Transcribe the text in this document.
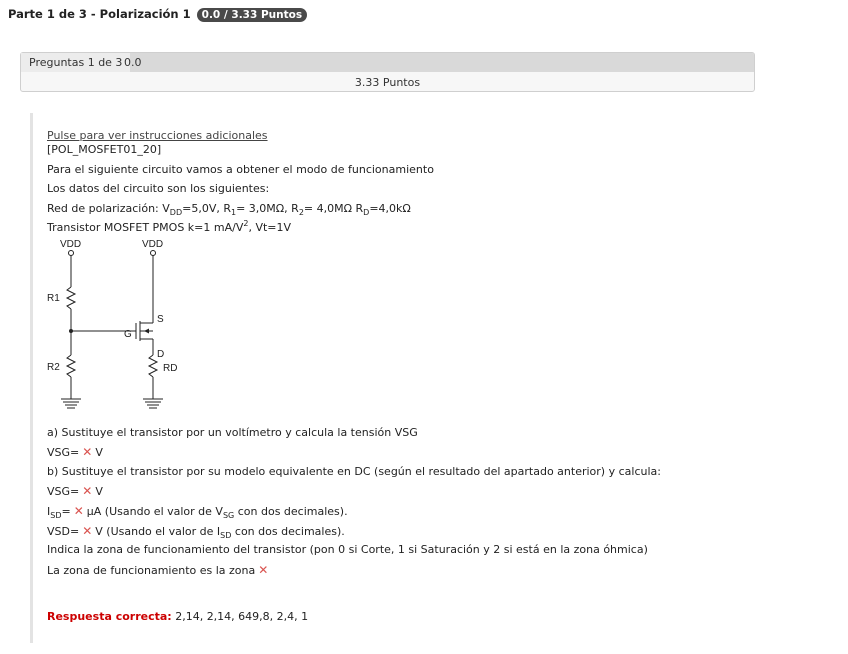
Parte 1 de 3 - Polarización 1 0.0 / 3.33 Puntos
Preguntas 1 de 3 0.0
3.33 Puntos
Pulse para ver instrucciones adicionales
[POL_MOSFET01_20]
Para el siguiente circuito vamos a obtener el modo de funcionamiento
Los datos del circuito son los siguientes:
Red de polarización: $V_{DD}=5,0V$, $R_1= 3,0M\Omega$, $R_2= 4,0M\Omega$ $R_D=4,0k\Omega$
Transistor MOSFET PMOS k=1 $mA/V^2$, Vt=1V
VDD	VDD
R1
R2	RD
G
S
D
a) Sustituye el transistor por un voltímetro y calcula la tensión VSG
VSG= ✕ V
b) Sustituye el transistor por su modelo equivalente en DC (según el resultado del apartado anterior) y calcula:
VSG= ✕ V
$I_{SD}=$ ✕ μA (Usando el valor de $V_{SG}$ con dos decimales).
VSD= ✕ V (Usando el valor de $I_{SD}$ con dos decimales).
Indica la zona de funcionamiento del transistor (pon 0 si Corte, 1 si Saturación y 2 si está en la zona óhmica)
La zona de funcionamiento es la zona ✕
Respuesta correcta: 2,14, 2,14, 649,8, 2,4, 1
